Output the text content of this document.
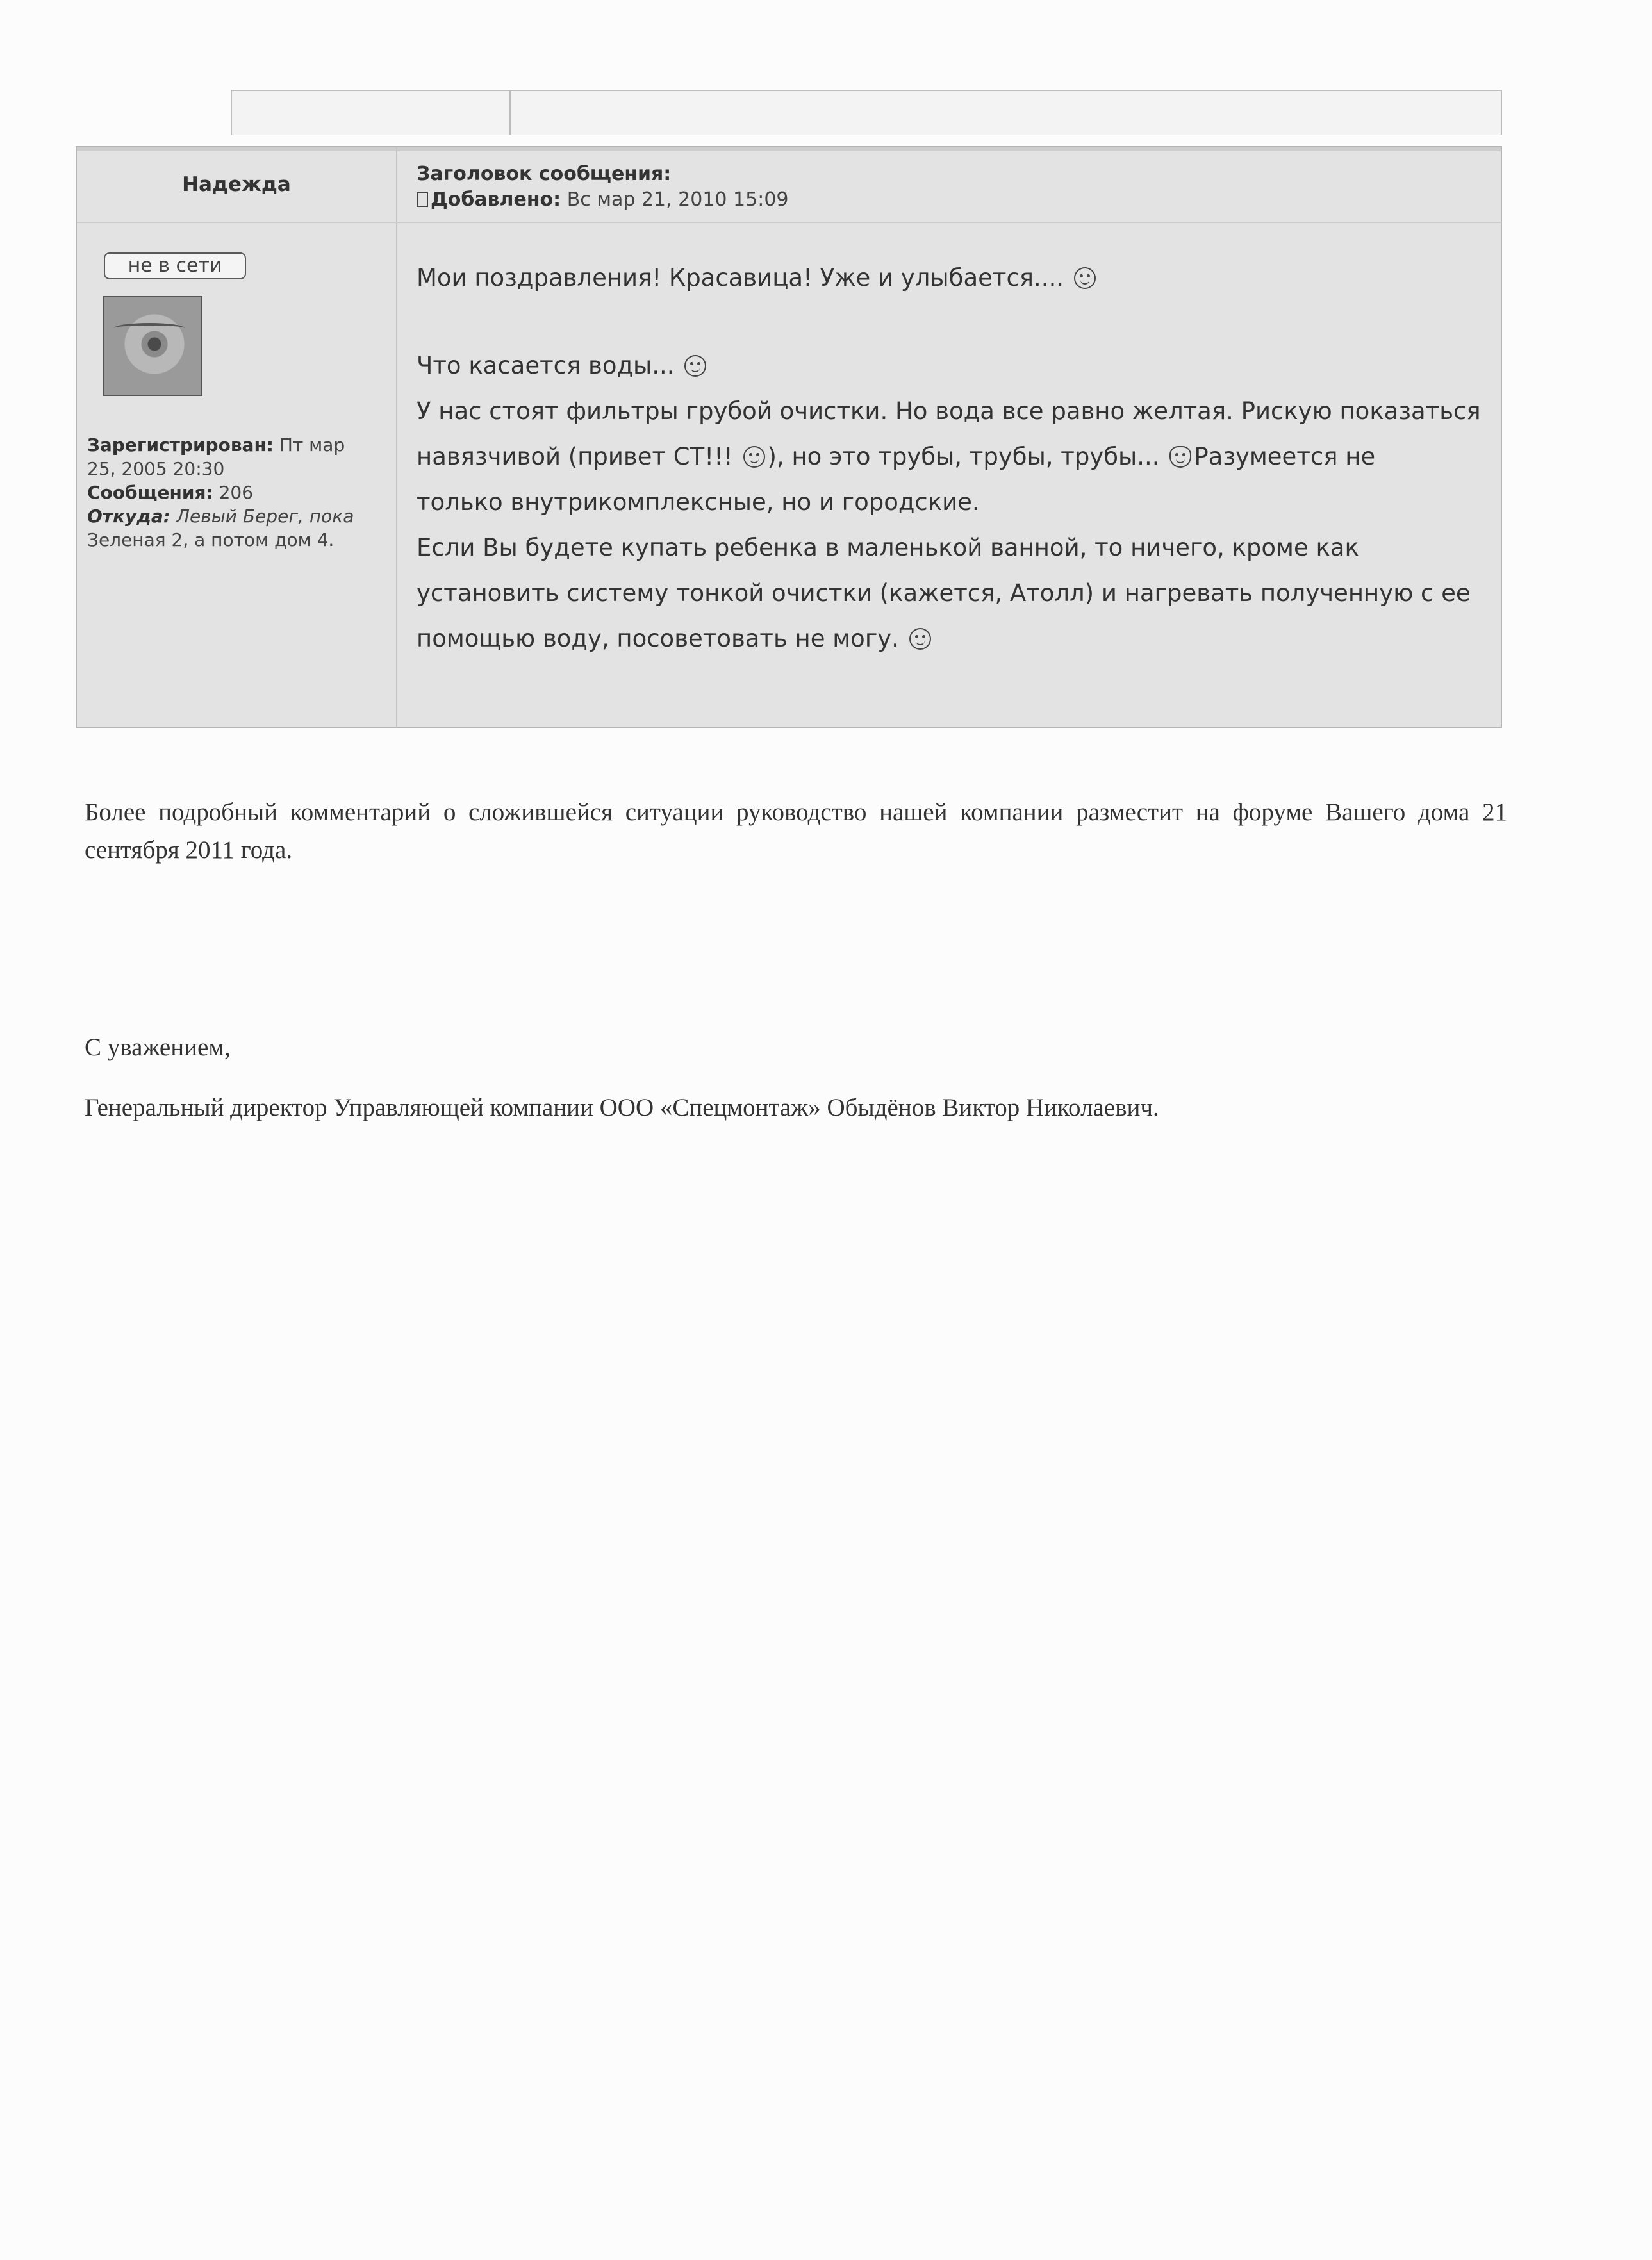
Надежда	Заголовок сообщения:
Добавлено: Вс мар 21, 2010 15:09
не в сети
Зарегистрирован: Пт мар
25, 2005 20:30
Сообщения: 206
Откуда: Левый Берег, пока
Зеленая 2, а потом дом 4.

Мои поздравления! Красавица! Уже и улыбается....

Что касается воды...

У нас стоят фильтры грубой очистки. Но вода все равно желтая. Рискую показаться

навязчивой (привет СТ!!! ), но это трубы, трубы, трубы... Разумеется не

только внутрикомплексные, но и городские.

Если Вы будете купать ребенка в маленькой ванной, то ничего, кроме как

установить систему тонкой очистки (кажется, Атолл) и нагревать полученную с ее

помощью воду, посоветовать не могу.

Более подробный комментарий о сложившейся ситуации руководство нашей компании разместит на форуме Вашего дома 21 сентября 2011 года.
С уважением,
Генеральный директор Управляющей компании ООО «Спецмонтаж» Обыдёнов Виктор Николаевич.
